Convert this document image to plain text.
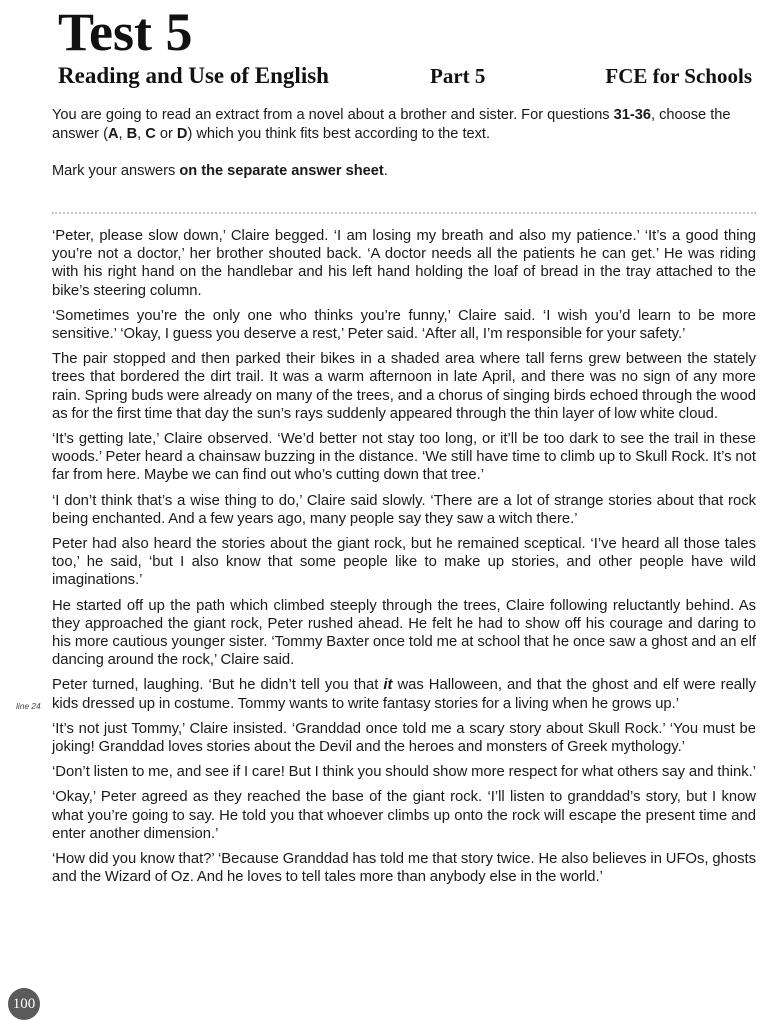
Test 5
Reading and Use of English	Part 5	FCE for Schools

You are going to read an extract from a novel about a brother and sister. For questions 31-36, choose the answer (A, B, C or D) which you think fits best according to the text.

Mark your answers on the separate answer sheet.

‘Peter, please slow down,’ Claire begged. ‘I am losing my breath and also my patience.’ ‘It’s a good thing you’re not a doctor,’ her brother shouted back. ‘A doctor needs all the patients he can get.’ He was riding with his right hand on the handlebar and his left hand holding the loaf of bread in the tray attached to the bike’s steering column.

‘Sometimes you’re the only one who thinks you’re funny,’ Claire said. ‘I wish you’d learn to be more sensitive.’ ‘Okay, I guess you deserve a rest,’ Peter said. ‘After all, I’m responsible for your safety.’

The pair stopped and then parked their bikes in a shaded area where tall ferns grew between the stately trees that bordered the dirt trail. It was a warm afternoon in late April, and there was no sign of any more rain. Spring buds were already on many of the trees, and a chorus of singing birds echoed through the wood as for the first time that day the sun’s rays suddenly appeared through the thin layer of low white cloud.

‘It’s getting late,’ Claire observed. ‘We’d better not stay too long, or it’ll be too dark to see the trail in these woods.’ Peter heard a chainsaw buzzing in the distance. ‘We still have time to climb up to Skull Rock. It’s not far from here. Maybe we can find out who’s cutting down that tree.’

‘I don’t think that’s a wise thing to do,’ Claire said slowly. ‘There are a lot of strange stories about that rock being enchanted. And a few years ago, many people say they saw a witch there.’

Peter had also heard the stories about the giant rock, but he remained sceptical. ‘I’ve heard all those tales too,’ he said, ‘but I also know that some people like to make up stories, and other people have wild imaginations.’

He started off up the path which climbed steeply through the trees, Claire following reluctantly behind. As they approached the giant rock, Peter rushed ahead. He felt he had to show off his courage and daring to his more cautious younger sister. ‘Tommy Baxter once told me at school that he once saw a ghost and an elf dancing around the rock,’ Claire said.

line 24
Peter turned, laughing. ‘But he didn’t tell you that it was Halloween, and that the ghost and elf were really kids dressed up in costume. Tommy wants to write fantasy stories for a living when he grows up.’

‘It’s not just Tommy,’ Claire insisted. ‘Granddad once told me a scary story about Skull Rock.’ ‘You must be joking! Granddad loves stories about the Devil and the heroes and monsters of Greek mythology.’

‘Don’t listen to me, and see if I care! But I think you should show more respect for what others say and think.’

‘Okay,’ Peter agreed as they reached the base of the giant rock. ‘I’ll listen to granddad’s story, but I know what you’re going to say. He told you that whoever climbs up onto the rock will escape the present time and enter another dimension.’

‘How did you know that?’ ‘Because Granddad has told me that story twice. He also believes in UFOs, ghosts and the Wizard of Oz. And he loves to tell tales more than anybody else in the world.’

100
